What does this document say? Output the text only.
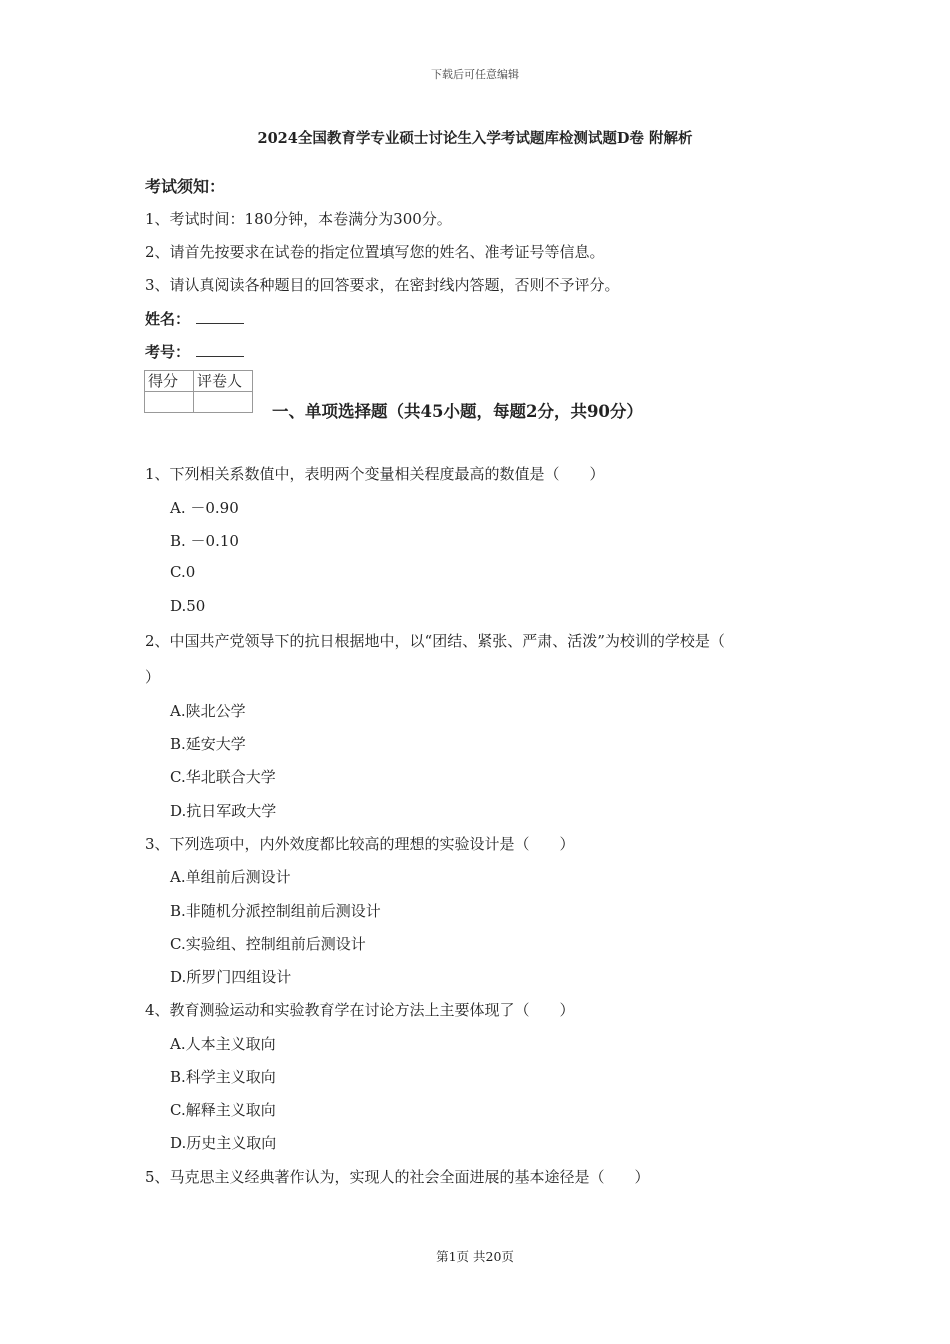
下载后可任意编辑
2024全国教育学专业硕士讨论生入学考试题库检测试题D卷 附解析
考试须知：
1、考试时间：180分钟，本卷满分为300分。
2、请首先按要求在试卷的指定位置填写您的姓名、准考证号等信息。
3、请认真阅读各种题目的回答要求，在密封线内答题，否则不予评分。
姓名：
考号：
得分	评卷人

一、单项选择题（共45小题，每题2分，共90分）
1、下列相关系数值中，表明两个变量相关程度最高的数值是（　　）
A. －0.90
B. －0.10
C.0
D.50
2、中国共产党领导下的抗日根据地中，以“团结、紧张、严肃、活泼”为校训的学校是（
）
A.陕北公学
B.延安大学
C.华北联合大学
D.抗日军政大学
3、下列选项中，内外效度都比较高的理想的实验设计是（　　）
A.单组前后测设计
B.非随机分派控制组前后测设计
C.实验组、控制组前后测设计
D.所罗门四组设计
4、教育测验运动和实验教育学在讨论方法上主要体现了（　　）
A.人本主义取向
B.科学主义取向
C.解释主义取向
D.历史主义取向
5、马克思主义经典著作认为，实现人的社会全面进展的基本途径是（　　）
第1页 共20页
